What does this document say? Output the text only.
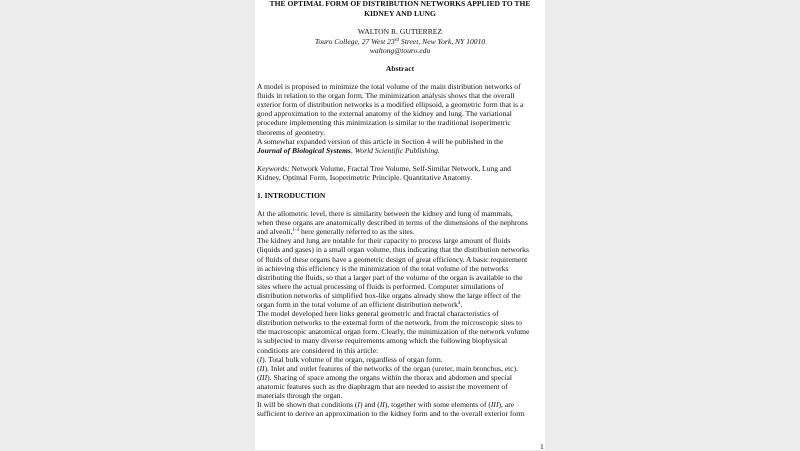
THE OPTIMAL FORM OF DISTRIBUTION NETWORKS APPLIED TO THE
KIDNEY AND LUNG
WALTON R. GUTIERREZ
Touro College, 27 West 23rd Street, New York, NY 10010
waltong@touro.edu
Abstract
A model is proposed to minimize the total volume of the main distribution networks of
fluids in relation to the organ form. The minimization analysis shows that the overall
exterior form of distribution networks is a modified ellipsoid, a geometric form that is a
good approximation to the external anatomy of the kidney and lung. The variational
procedure implementing this minimization is similar to the traditional isoperimetric
theorems of geometry.
A somewhat expanded version of this article in Section 4 will be published in the
Journal of Biological Systems, World Scientific Publishing.
Keywords: Network Volume, Fractal Tree Volume, Self-Similar Network, Lung and
Kidney, Optimal Form, Isoperimetric Principle. Quantitative Anatomy.
1. INTRODUCTION
At the allometric level, there is similarity between the kidney and lung of mammals,
when these organs are anatomically described in terms of the dimensions of the nephrons
and alveoli,$^{1-3}$ here generally referred to as the sites.
The kidney and lung are notable for their capacity to process large amount of fluids
(liquids and gases) in a small organ volume, thus indicating that the distribution networks
of fluids of these organs have a geometric design of great efficiency. A basic requirement
in achieving this efficiency is the minimization of the total volume of the networks
distributing the fluids, so that a larger part of the volume of the organ is available to the
sites where the actual processing of fluids is performed. Computer simulations of
distribution networks of simplified box-like organs already show the large effect of the
organ form in the total volume of an efficient distribution network$^4$.
The model developed here links general geometric and fractal characteristics of
distribution networks to the external form of the network, from the microscopic sites to
the macroscopic anatomical organ form. Clearly, the minimization of the network volume
is subjected to many diverse requirements among which the following biophysical
conditions are considered in this article:
(I). Total bulk volume of the organ, regardless of organ form.
(II). Inlet and outlet features of the networks of the organ (ureter, main bronchus, etc).
(III). Sharing of space among the organs within the thorax and abdomen and special
anatomic features such as the diaphragm that are needed to assist the movement of
materials through the organ.
It will be shown that conditions (I) and (II), together with some elements of (III), are
sufficient to derive an approximation to the kidney form and to the overall exterior form
1
